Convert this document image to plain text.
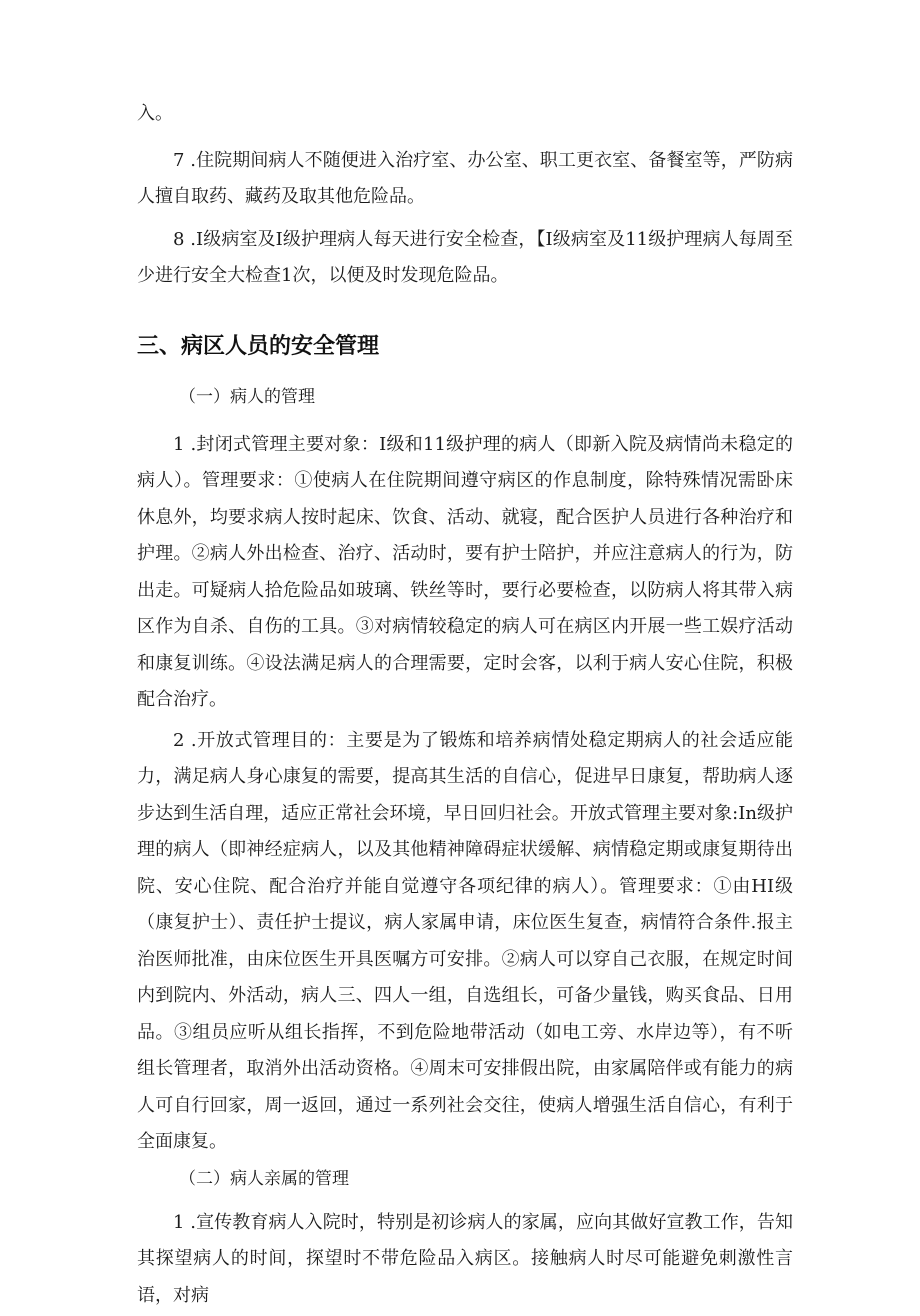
入。

7 .住院期间病人不随便进入治疗室、办公室、职工更衣室、备餐室等，严防病人擅自取药、藏药及取其他危险品。

8 .I级病室及I级护理病人每天进行安全检查，【I级病室及11级护理病人每周至少进行安全大检查1次，以便及时发现危险品。

三、病区人员的安全管理

（一）病人的管理

1 .封闭式管理主要对象：I级和11级护理的病人（即新入院及病情尚未稳定的病人）。管理要求：①使病人在住院期间遵守病区的作息制度，除特殊情况需卧床休息外，均要求病人按时起床、饮食、活动、就寝，配合医护人员进行各种治疗和护理。②病人外出检查、治疗、活动时，要有护士陪护，并应注意病人的行为，防出走。可疑病人拾危险品如玻璃、铁丝等时，要行必要检查，以防病人将其带入病区作为自杀、自伤的工具。③对病情较稳定的病人可在病区内开展一些工娱疗活动和康复训练。④设法满足病人的合理需要，定时会客，以利于病人安心住院，积极配合治疗。

2 .开放式管理目的：主要是为了锻炼和培养病情处稳定期病人的社会适应能力，满足病人身心康复的需要，提高其生活的自信心，促进早日康复，帮助病人逐步达到生活自理，适应正常社会环境，早日回归社会。开放式管理主要对象:In级护理的病人（即神经症病人，以及其他精神障碍症状缓解、病情稳定期或康复期待出院、安心住院、配合治疗并能自觉遵守各项纪律的病人）。管理要求：①由HI级（康复护士）、责任护士提议，病人家属申请，床位医生复查，病情符合条件.报主治医师批准，由床位医生开具医嘱方可安排。②病人可以穿自己衣服，在规定时间内到院内、外活动，病人三、四人一组，自选组长，可备少量钱，购买食品、日用品。③组员应听从组长指挥，不到危险地带活动（如电工旁、水岸边等），有不听组长管理者，取消外出活动资格。④周末可安排假出院，由家属陪伴或有能力的病人可自行回家，周一返回，通过一系列社会交往，使病人增强生活自信心，有利于全面康复。

（二）病人亲属的管理

1 .宣传教育病人入院时，特别是初诊病人的家属，应向其做好宣教工作，告知其探望病人的时间，探望时不带危险品入病区。接触病人时尽可能避免刺激性言语，对病
